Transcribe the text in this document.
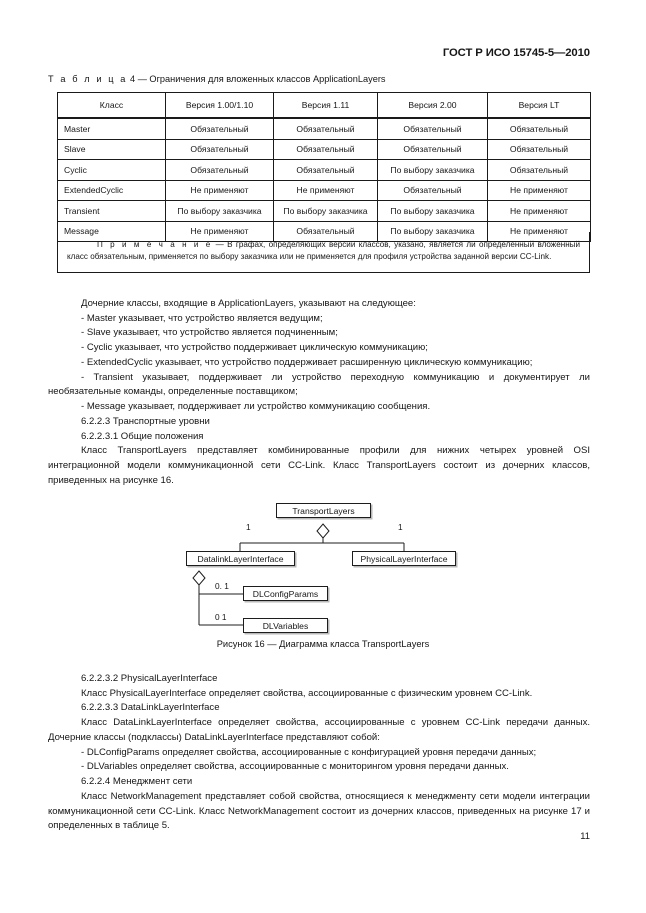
ГОСТ Р ИСО 15745-5—2010
Т а б л и ц а 4 — Ограничения для вложенных классов ApplicationLayers
Класс	Версия 1.00/1.10	Версия 1.11	Версия 2.00	Версия LT
Master	Обязательный	Обязательный	Обязательный	Обязательный
Slave	Обязательный	Обязательный	Обязательный	Обязательный
Cyclic	Обязательный	Обязательный	По выбору заказчика	Обязательный
ExtendedCyclic	Не применяют	Не применяют	Обязательный	Не применяют
Transient	По выбору заказчика	По выбору заказчика	По выбору заказчика	Не применяют
Message	Не применяют	Обязательный	По выбору заказчика	Не применяют
П р и м е ч а н и е — В графах, определяющих версии классов, указано, является ли определенный вложенный класс обязательным, применяется по выбору заказчика или не применяется для профиля устройства заданной версии CC-Link.

Дочерние классы, входящие в ApplicationLayers, указывают на следующее:

- Master указывает, что устройство является ведущим;

- Slave указывает, что устройство является подчиненным;

- Cyclic указывает, что устройство поддерживает циклическую коммуникацию;

- ExtendedCyclic указывает, что устройство поддерживает расширенную циклическую коммуникацию;

- Transient указывает, поддерживает ли устройство переходную коммуникацию и документирует ли необязательные команды, определенные поставщиком;

- Message указывает, поддерживает ли устройство коммуникацию сообщения.

6.2.2.3 Транспортные уровни

6.2.2.3.1 Общие положения

Класс TransportLayers представляет комбинированные профили для нижних четырех уровней OSI интеграционной модели коммуникационной сети CC-Link. Класс TransportLayers состоит из дочерних классов, приведенных на рисунке 16.

TransportLayers
DatalinkLayerInterface	PhysicalLayerInterface
DLConfigParams
DLVariables
1	1
0. 1
0 1
Рисунок 16 — Диаграмма класса TransportLayers

6.2.2.3.2 PhysicalLayerInterface

Класс PhysicalLayerInterface определяет свойства, ассоциированные с физическим уровнем CC-Link.

6.2.2.3.3 DataLinkLayerInterface

Класс DataLinkLayerInterface определяет свойства, ассоциированные с уровнем CC-Link передачи данных. Дочерние классы (подклассы) DataLinkLayerInterface представляют собой:

- DLConfigParams определяет свойства, ассоциированные с конфигурацией уровня передачи данных;

- DLVariables определяет свойства, ассоциированные с мониторингом уровня передачи данных.

6.2.2.4 Менеджмент сети

Класс NetworkManagement представляет собой свойства, относящиеся к менеджменту сети модели интеграции коммуникационной сети CC-Link. Класс NetworkManagement состоит из дочерних классов, приведенных на рисунке 17 и определенных в таблице 5.

11
